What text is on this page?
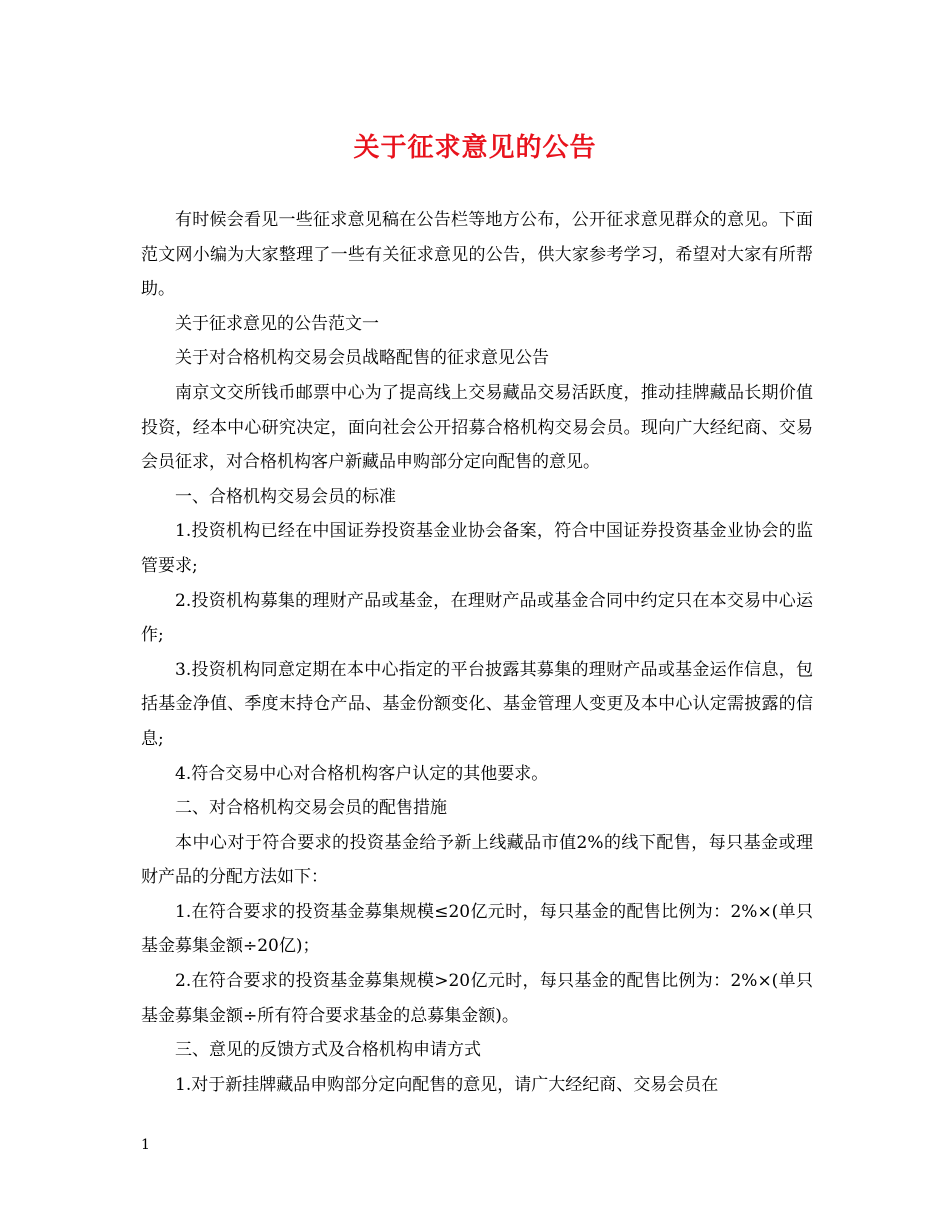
关于征求意见的公告

有时候会看见一些征求意见稿在公告栏等地方公布，公开征求意见群众的意见。下面范文网小编为大家整理了一些有关征求意见的公告，供大家参考学习，希望对大家有所帮助。

关于征求意见的公告范文一

关于对合格机构交易会员战略配售的征求意见公告

南京文交所钱币邮票中心为了提高线上交易藏品交易活跃度，推动挂牌藏品长期价值投资，经本中心研究决定，面向社会公开招募合格机构交易会员。现向广大经纪商、交易会员征求，对合格机构客户新藏品申购部分定向配售的意见。

一、合格机构交易会员的标准

1.投资机构已经在中国证券投资基金业协会备案，符合中国证券投资基金业协会的监管要求;

2.投资机构募集的理财产品或基金，在理财产品或基金合同中约定只在本交易中心运作;

3.投资机构同意定期在本中心指定的平台披露其募集的理财产品或基金运作信息，包括基金净值、季度末持仓产品、基金份额变化、基金管理人变更及本中心认定需披露的信息;

4.符合交易中心对合格机构客户认定的其他要求。

二、对合格机构交易会员的配售措施

本中心对于符合要求的投资基金给予新上线藏品市值2%的线下配售，每只基金或理财产品的分配方法如下：

1.在符合要求的投资基金募集规模≤20亿元时，每只基金的配售比例为：2%×(单只基金募集金额÷20亿)；

2.在符合要求的投资基金募集规模>20亿元时，每只基金的配售比例为：2%×(单只基金募集金额÷所有符合要求基金的总募集金额)。

三、意见的反馈方式及合格机构申请方式

1.对于新挂牌藏品申购部分定向配售的意见，请广大经纪商、交易会员在

1
